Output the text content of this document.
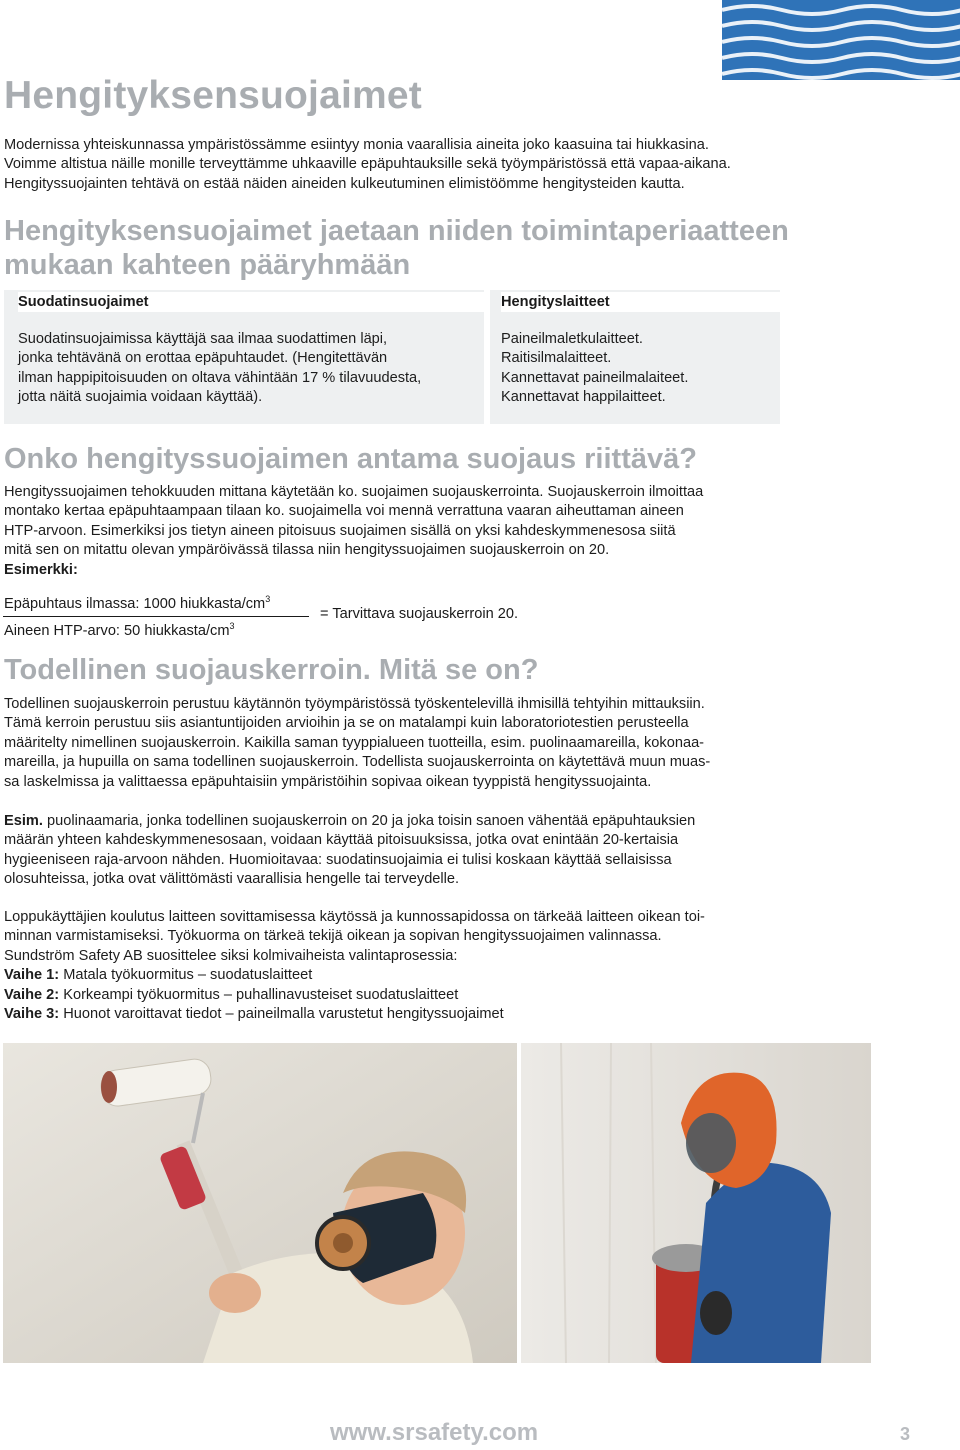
Hengityksensuojaimet
Modernissa yhteiskunnassa ympäristössämme esiintyy monia vaarallisia aineita joko kaasuina tai hiukkasina.
Voimme altistua näille monille terveyttämme uhkaaville epäpuhtauksille sekä työympäristössä että vapaa-aikana.
Hengityssuojainten tehtävä on estää näiden aineiden kulkeutuminen elimistöömme hengitysteiden kautta.
Hengityksensuojaimet jaetaan niiden toimintaperiaatteen
mukaan kahteen pääryhmään
Suodatinsuojaimet
Suodatinsuojaimissa käyttäjä saa ilmaa suodattimen läpi,
jonka tehtävänä on erottaa epäpuhtaudet. (Hengitettävän
ilman happipitoisuuden on oltava vähintään 17 % tilavuudesta,
jotta näitä suojaimia voidaan käyttää).
Hengityslaitteet
Paineilmaletkulaitteet.
Raitisilmalaitteet.
Kannettavat paineilmalaiteet.
Kannettavat happilaitteet.
Onko hengityssuojaimen antama suojaus riittävä?
Hengityssuojaimen tehokkuuden mittana käytetään ko. suojaimen suojauskerrointa. Suojauskerroin ilmoittaa
montako kertaa epäpuhtaampaan tilaan ko. suojaimella voi mennä verrattuna vaaran aiheuttaman aineen
HTP-arvoon. Esimerkiksi jos tietyn aineen pitoisuus suojaimen sisällä on yksi kahdeskymmenesosa siitä
mitä sen on mitattu olevan ympäröivässä tilassa niin hengityssuojaimen suojauskerroin on 20.
Esimerkki:
Epäpuhtaus ilmassa: 1000 hiukkasta/$cm^3$
Aineen HTP-arvo: 50 hiukkasta/$cm^3$
= Tarvittava suojauskerroin 20.
Todellinen suojauskerroin. Mitä se on?
Todellinen suojauskerroin perustuu käytännön työympäristössä työskentelevillä ihmisillä tehtyihin mittauksiin.
Tämä kerroin perustuu siis asiantuntijoiden arvioihin ja se on matalampi kuin laboratoriotestien perusteella
määritelty nimellinen suojauskerroin. Kaikilla saman tyyppialueen tuotteilla, esim. puolinaamareilla, kokonaa-
mareilla, ja hupuilla on sama todellinen suojauskerroin. Todellista suojauskerrointa on käytettävä muun muas-
sa laskelmissa ja valittaessa epäpuhtaisiin ympäristöihin sopivaa oikean tyyppistä hengityssuojainta.
Esim. puolinaamaria, jonka todellinen suojauskerroin on 20 ja joka toisin sanoen vähentää epäpuhtauksien
määrän yhteen kahdeskymmenesosaan, voidaan käyttää pitoisuuksissa, jotka ovat enintään 20-kertaisia
hygieeniseen raja-arvoon nähden. Huomioitavaa: suodatinsuojaimia ei tulisi koskaan käyttää sellaisissa
olosuhteissa, jotka ovat välittömästi vaarallisia hengelle tai terveydelle.
Loppukäyttäjien koulutus laitteen sovittamisessa käytössä ja kunnossapidossa on tärkeää laitteen oikean toi-
minnan varmistamiseksi. Työkuorma on tärkeä tekijä oikean ja sopivan hengityssuojaimen valinnassa.
Sundström Safety AB suosittelee siksi kolmivaiheista valintaprosessia:
Vaihe 1: Matala työkuormitus – suodatuslaitteet
Vaihe 2: Korkeampi työkuormitus – puhallinavusteiset suodatuslaitteet
Vaihe 3: Huonot varoittavat tiedot – paineilmalla varustetut hengityssuojaimet
www.srsafety.com	3
